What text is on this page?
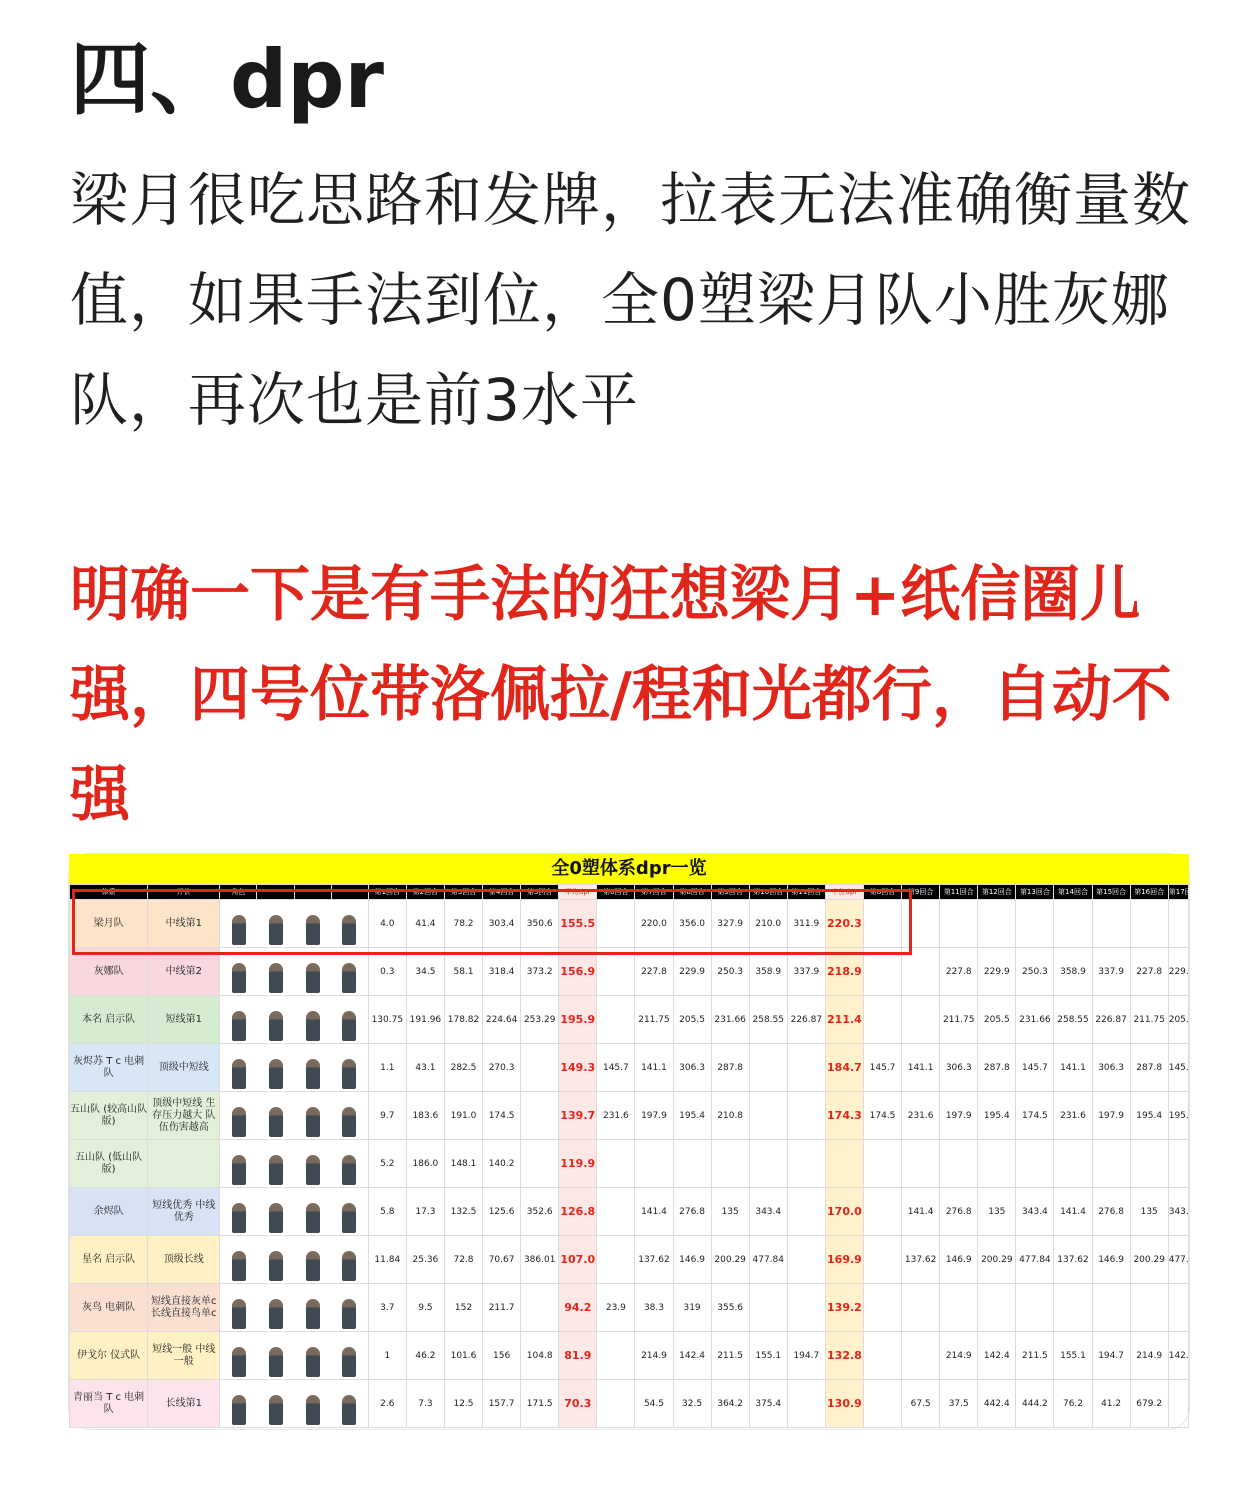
四、dpr

梁月很吃思路和发牌，拉表无法准确衡量数值，如果手法到位，全0塑梁月队小胜灰娜队，再次也是前3水平

明确一下是有手法的狂想梁月+纸信圈儿强，四号位带洛佩拉/程和光都行，自动不强

全0塑体系dpr一览
体系	评价	角色				第1回合	第2回合	第3回合	第4回合	第5回合	平均dpr	第6回合	第7回合	第8回合	第9回合	第10回合	第11回合	中位dpr	第8回合	第9回合	第11回合	第12回合	第13回合	第14回合	第15回合	第16回合	第17回合
梁月队	中线第1					4.0	41.4	78.2	303.4	350.6	155.5		220.0	356.0	327.9	210.0	311.9	220.3									
灰娜队	中线第2					0.3	34.5	58.1	318.4	373.2	156.9		227.8	229.9	250.3	358.9	337.9	218.9			227.8	229.9	250.3	358.9	337.9	227.8	229.
本名 启示队	短线第1					130.75	191.96	178.82	224.64	253.29	195.9		211.75	205.5	231.66	258.55	226.87	211.4			211.75	205.5	231.66	258.55	226.87	211.75	205.
灰烬苏 T c 电刺队	顶级中短线					1.1	43.1	282.5	270.3		149.3	145.7	141.1	306.3	287.8			184.7	145.7	141.1	306.3	287.8	145.7	141.1	306.3	287.8	145.
五山队 (较高山队版)	顶级中短线 生存压力越大 队伍伤害越高					9.7	183.6	191.0	174.5		139.7	231.6	197.9	195.4	210.8			174.3	174.5	231.6	197.9	195.4	174.5	231.6	197.9	195.4	195.
五山队 (低山队版)						5.2	186.0	148.1	140.2		119.9																
余烬队	短线优秀 中线优秀					5.8	17.3	132.5	125.6	352.6	126.8		141.4	276.8	135	343.4		170.0		141.4	276.8	135	343.4	141.4	276.8	135	343.
星名 启示队	顶级长线					11.84	25.36	72.8	70.67	386.01	107.0		137.62	146.9	200.29	477.84		169.9		137.62	146.9	200.29	477.84	137.62	146.9	200.29	477.
灰鸟 电刺队	短线直接灰单c 长线直接鸟单c					3.7	9.5	152	211.7		94.2	23.9	38.3	319	355.6			139.2									
伊戈尔 仪式队	短线一般 中线一般					1	46.2	101.6	156	104.8	81.9		214.9	142.4	211.5	155.1	194.7	132.8			214.9	142.4	211.5	155.1	194.7	214.9	142.
青丽当 T c 电刺队	长线第1					2.6	7.3	12.5	157.7	171.5	70.3		54.5	32.5	364.2	375.4		130.9		67.5	37.5	442.4	444.2	76.2	41.2	679.2	
